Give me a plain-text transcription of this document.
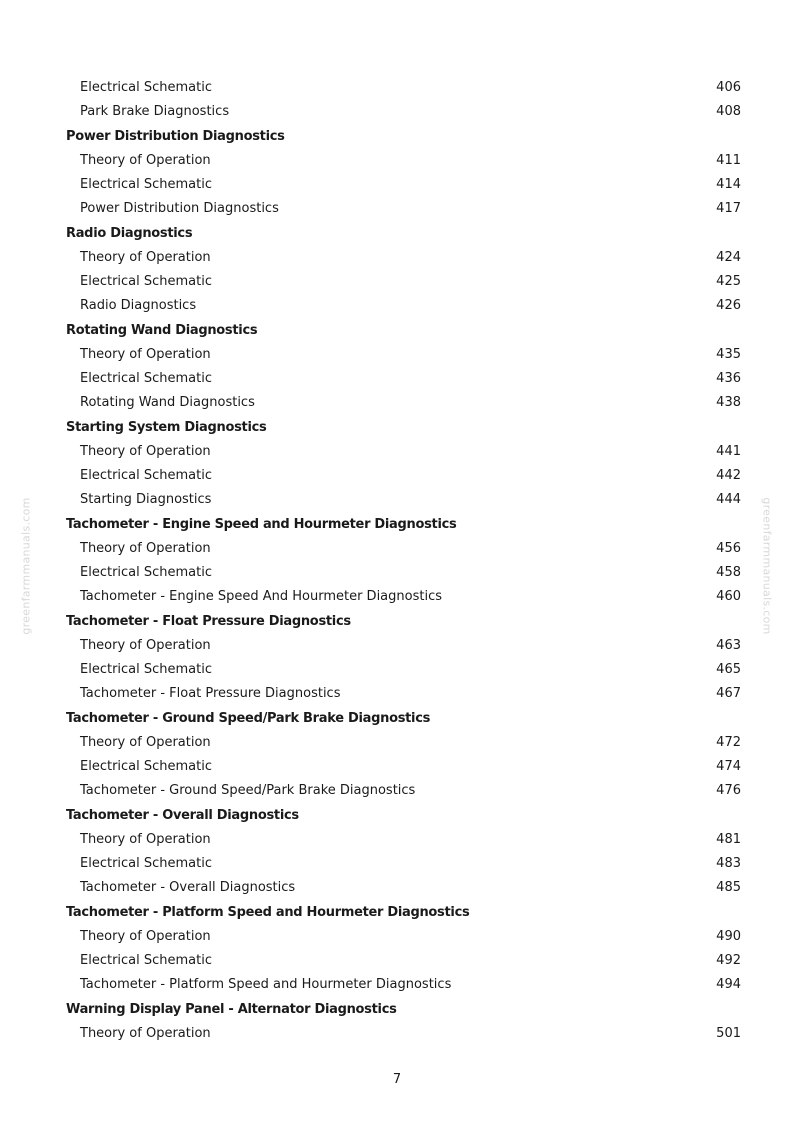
greenfarmmanuals.com	greenfarmmanuals.com
Electrical Schematic	406
Park Brake Diagnostics	408
Power Distribution Diagnostics
Theory of Operation	411
Electrical Schematic	414
Power Distribution Diagnostics	417
Radio Diagnostics
Theory of Operation	424
Electrical Schematic	425
Radio Diagnostics	426
Rotating Wand Diagnostics
Theory of Operation	435
Electrical Schematic	436
Rotating Wand Diagnostics	438
Starting System Diagnostics
Theory of Operation	441
Electrical Schematic	442
Starting Diagnostics	444
Tachometer - Engine Speed and Hourmeter Diagnostics
Theory of Operation	456
Electrical Schematic	458
Tachometer - Engine Speed And Hourmeter Diagnostics	460
Tachometer - Float Pressure Diagnostics
Theory of Operation	463
Electrical Schematic	465
Tachometer - Float Pressure Diagnostics	467
Tachometer - Ground Speed/Park Brake Diagnostics
Theory of Operation	472
Electrical Schematic	474
Tachometer - Ground Speed/Park Brake Diagnostics	476
Tachometer - Overall Diagnostics
Theory of Operation	481
Electrical Schematic	483
Tachometer - Overall Diagnostics	485
Tachometer - Platform Speed and Hourmeter Diagnostics
Theory of Operation	490
Electrical Schematic	492
Tachometer - Platform Speed and Hourmeter Diagnostics	494
Warning Display Panel - Alternator Diagnostics
Theory of Operation	501
7
